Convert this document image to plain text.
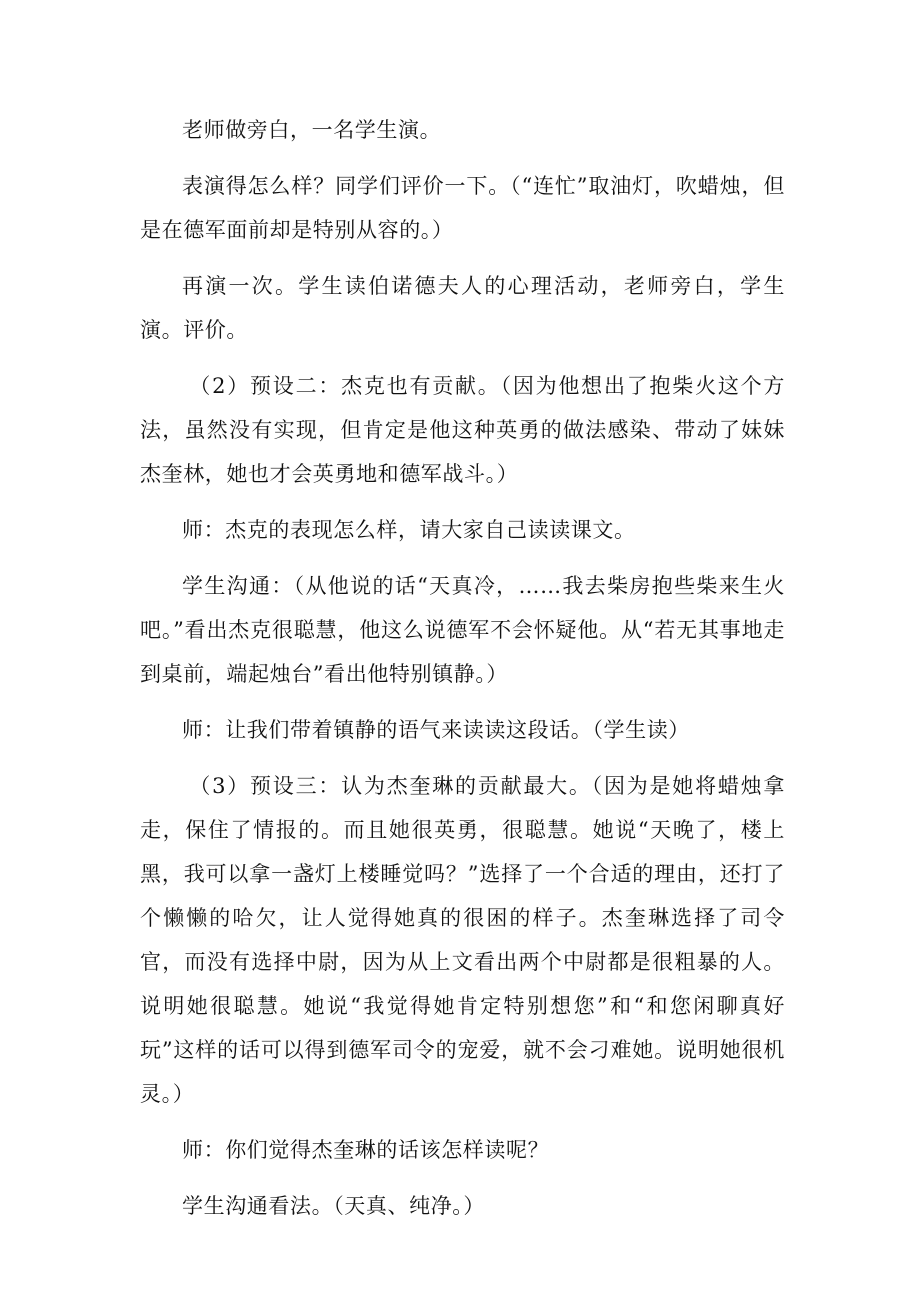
老师做旁白，一名学生演。

表演得怎么样？同学们评价一下。（“连忙”取油灯，吹蜡烛，但是在德军面前却是特别从容的。）

再演一次。学生读伯诺德夫人的心理活动，老师旁白，学生演。评价。

（2）预设二：杰克也有贡献。（因为他想出了抱柴火这个方法，虽然没有实现，但肯定是他这种英勇的做法感染、带动了妹妹杰奎林，她也才会英勇地和德军战斗。）

师：杰克的表现怎么样，请大家自己读读课文。

学生沟通：（从他说的话“天真冷，……我去柴房抱些柴来生火吧。”看出杰克很聪慧，他这么说德军不会怀疑他。从“若无其事地走到桌前，端起烛台”看出他特别镇静。）

师：让我们带着镇静的语气来读读这段话。（学生读）

（3）预设三：认为杰奎琳的贡献最大。（因为是她将蜡烛拿走，保住了情报的。而且她很英勇，很聪慧。她说“天晚了，楼上黑，我可以拿一盏灯上楼睡觉吗？”选择了一个合适的理由，还打了个懒懒的哈欠，让人觉得她真的很困的样子。杰奎琳选择了司令官，而没有选择中尉，因为从上文看出两个中尉都是很粗暴的人。说明她很聪慧。她说“我觉得她肯定特别想您”和“和您闲聊真好玩”这样的话可以得到德军司令的宠爱，就不会刁难她。说明她很机灵。）

师：你们觉得杰奎琳的话该怎样读呢？

学生沟通看法。（天真、纯净。）
